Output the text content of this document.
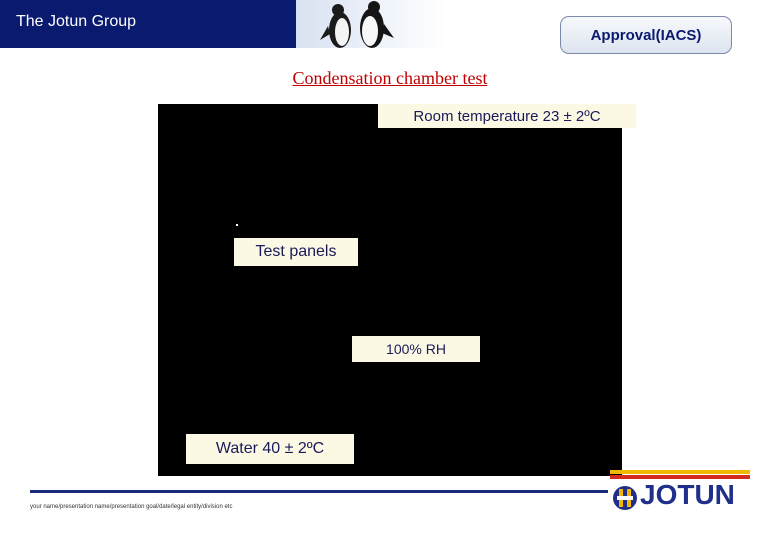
The Jotun Group
Approval(IACS)
Condensation chamber test
Room temperature 23 ± 2ºC
Test panels
100% RH
Water 40 ± 2ºC
your name/presentation name/presentation goal/date/legal entity/division etc	JOTUN
